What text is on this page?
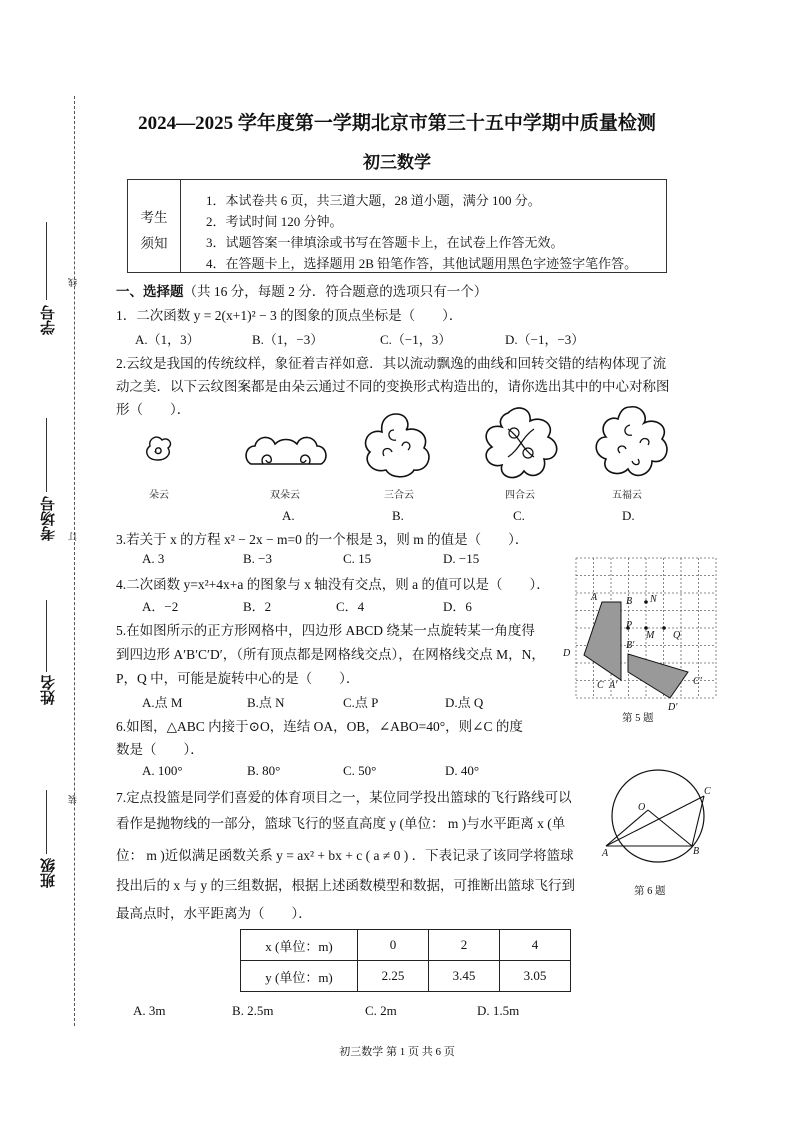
线
订
装
学号
考场号
姓名
班级
2024—2025 学年度第一学期北京市第三十五中学期中质量检测
初三数学
考生
须知
1．本试卷共 6 页，共三道大题，28 道小题，满分 100 分。
2．考试时间 120 分钟。
3．试题答案一律填涂或书写在答题卡上，在试卷上作答无效。
4．在答题卡上，选择题用 2B 铅笔作答，其他试题用黑色字迹签字笔作答。
一、选择题（共 16 分，每题 2 分．符合题意的选项只有一个）
1．二次函数 y = 2(x+1)² − 3 的图象的顶点坐标是（　　）．
A.（1，3）	B.（1，−3）	C.（−1，3）	D.（−1，−3）
2.云纹是我国的传统纹样，象征着吉祥如意．其以流动飘逸的曲线和回转交错的结构体现了流
动之美．以下云纹图案都是由朵云通过不同的变换形式构造出的，请你选出其中的中心对称图
形（　　）．
朵云	双朵云	三合云	四合云	五福云
A.	B.	C.	D.
3.若关于 x 的方程 x² − 2x − m=0 的一个根是 3，则 m 的值是（　　）．
A. 3	B. −3	C. 15	D. −15
4.二次函数 y=x²+4x+a 的图象与 x 轴没有交点，则 a 的值可以是（　　）．
A．−2	B．2	C．4	D．6
5.在如图所示的正方形网格中，四边形 ABCD 绕某一点旋转某一角度得
到四边形 A′B′C′D′，（所有顶点都是网格线交点），在网格线交点 M，N，
P，Q 中，可能是旋转中心的是（　　）．
A.点 M	B.点 N	C.点 P	D.点 Q
A	B N
P
M Q
B′
D
C A′	C′
D′
第 5 题
6.如图，△ABC 内接于⊙O，连结 OA，OB，∠ABO=40°，则∠C 的度
数是（　　）．
A. 100°	B. 80°	C. 50°	D. 40°
O
C
A	B
第 6 题
7.定点投篮是同学们喜爱的体育项目之一，某位同学投出篮球的飞行路线可以
看作是抛物线的一部分，篮球飞行的竖直高度 y (单位： m )与水平距离 x (单
位： m )近似满足函数关系 y = ax² + bx + c ( a ≠ 0 ) ．下表记录了该同学将篮球
投出后的 x 与 y 的三组数据，根据上述函数模型和数据，可推断出篮球飞行到
最高点时，水平距离为（　　）．
x (单位：m)	0	2	4
y (单位：m)	2.25	3.45	3.05
A. 3m	B. 2.5m	C. 2m	D. 1.5m
初三数学 第 1 页 共 6 页
